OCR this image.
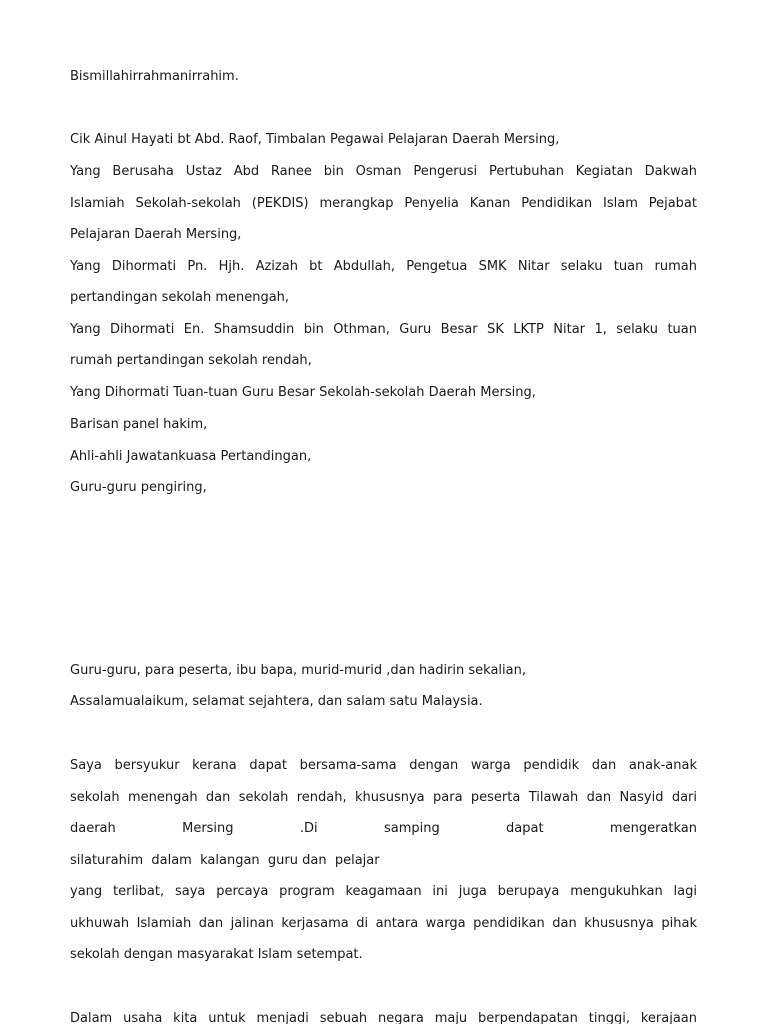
Bismillahirrahmanirrahim.
Cik Ainul Hayati bt Abd. Raof, Timbalan Pegawai Pelajaran Daerah Mersing,
Yang Berusaha Ustaz Abd Ranee bin Osman Pengerusi Pertubuhan Kegiatan Dakwah
Islamiah Sekolah-sekolah (PEKDIS) merangkap Penyelia Kanan Pendidikan Islam Pejabat
Pelajaran Daerah Mersing,
Yang Dihormati Pn. Hjh. Azizah bt Abdullah, Pengetua SMK Nitar selaku tuan rumah
pertandingan sekolah menengah,
Yang Dihormati En. Shamsuddin bin Othman, Guru Besar SK LKTP Nitar 1, selaku tuan
rumah pertandingan sekolah rendah,
Yang Dihormati Tuan-tuan Guru Besar Sekolah-sekolah Daerah Mersing,
Barisan panel hakim,
Ahli-ahli Jawatankuasa Pertandingan,
Guru-guru pengiring,
Guru-guru, para peserta, ibu bapa, murid-murid ,dan hadirin sekalian,
Assalamualaikum, selamat sejahtera, dan salam satu Malaysia.
Saya bersyukur kerana dapat bersama-sama dengan warga pendidik dan anak-anak
sekolah menengah dan sekolah rendah, khususnya para peserta Tilawah dan Nasyid dari
daerah Mersing .Di samping dapat mengeratkan
silaturahim  dalam  kalangan  guru dan  pelajar
yang terlibat, saya percaya program keagamaan ini juga berupaya mengukuhkan lagi
ukhuwah Islamiah dan jalinan kerjasama di antara warga pendidikan dan khususnya pihak
sekolah dengan masyarakat Islam setempat.
Dalam usaha kita untuk menjadi sebuah negara maju berpendapatan tinggi, kerajaan
